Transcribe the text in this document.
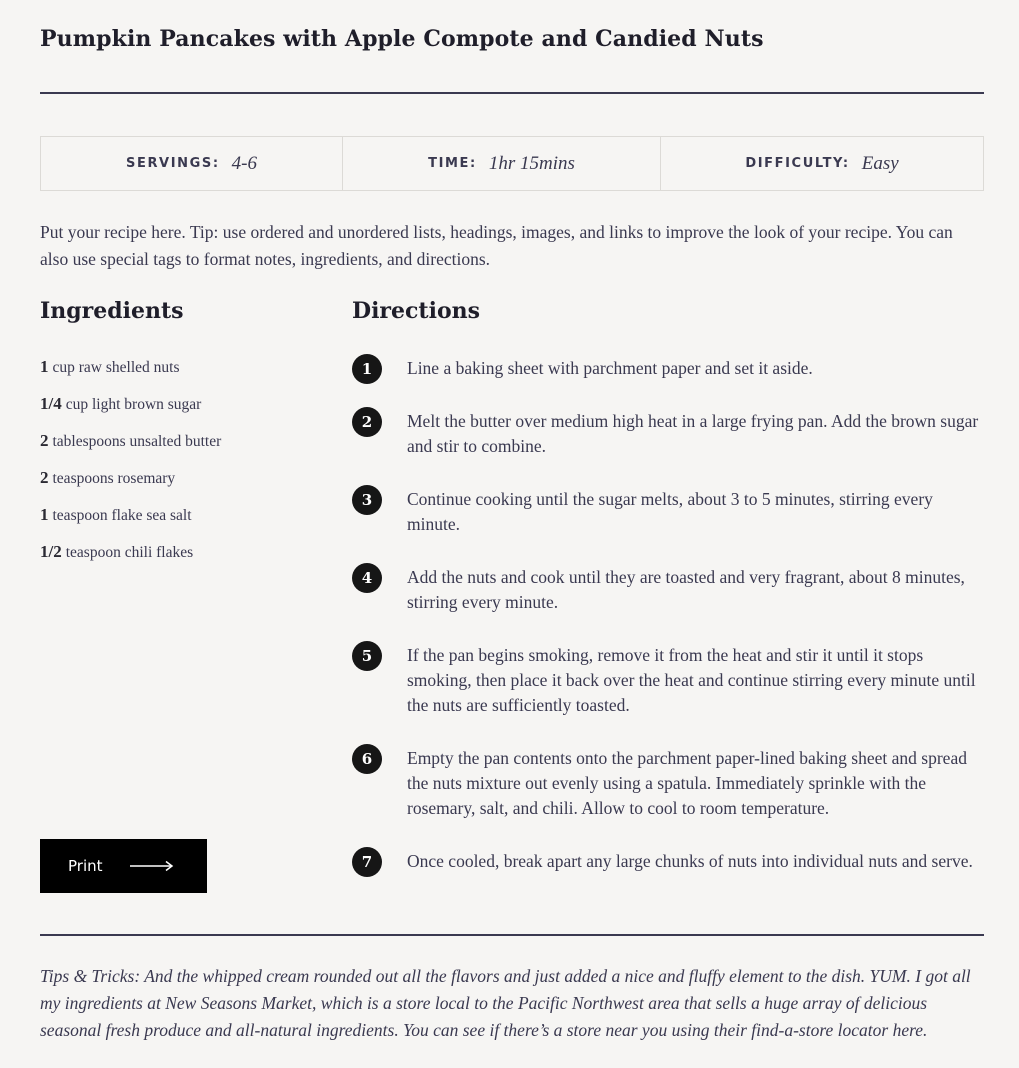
Pumpkin Pancakes with Apple Compote and Candied Nuts
SERVINGS: 4-6	TIME: 1hr 15mins	DIFFICULTY: Easy

Put your recipe here. Tip: use ordered and unordered lists, headings, images, and links to improve the look of your recipe. You can also use special tags to format notes, ingredients, and directions.

Ingredients
1 cup raw shelled nuts
1/4 cup light brown sugar
2 tablespoons unsalted butter
2 teaspoons rosemary
1 teaspoon flake sea salt
1/2 teaspoon chili flakes
Print
Directions
1	Line a baking sheet with parchment paper and set it aside.

2	Melt the butter over medium high heat in a large frying pan. Add the brown sugar and stir to combine.

3	Continue cooking until the sugar melts, about 3 to 5 minutes, stirring every minute.

4	Add the nuts and cook until they are toasted and very fragrant, about 8 minutes, stirring every minute.

5	If the pan begins smoking, remove it from the heat and stir it until it stops smoking, then place it back over the heat and continue stirring every minute until the nuts are sufficiently toasted.

6	Empty the pan contents onto the parchment paper-lined baking sheet and spread the nuts mixture out evenly using a spatula. Immediately sprinkle with the rosemary, salt, and chili. Allow to cool to room temperature.

7	Once cooled, break apart any large chunks of nuts into individual nuts and serve.

Tips & Tricks: And the whipped cream rounded out all the flavors and just added a nice and fluffy element to the dish. YUM. I got all my ingredients at New Seasons Market, which is a store local to the Pacific Northwest area that sells a huge array of delicious seasonal fresh produce and all-natural ingredients. You can see if there’s a store near you using their find-a-store locator here.
